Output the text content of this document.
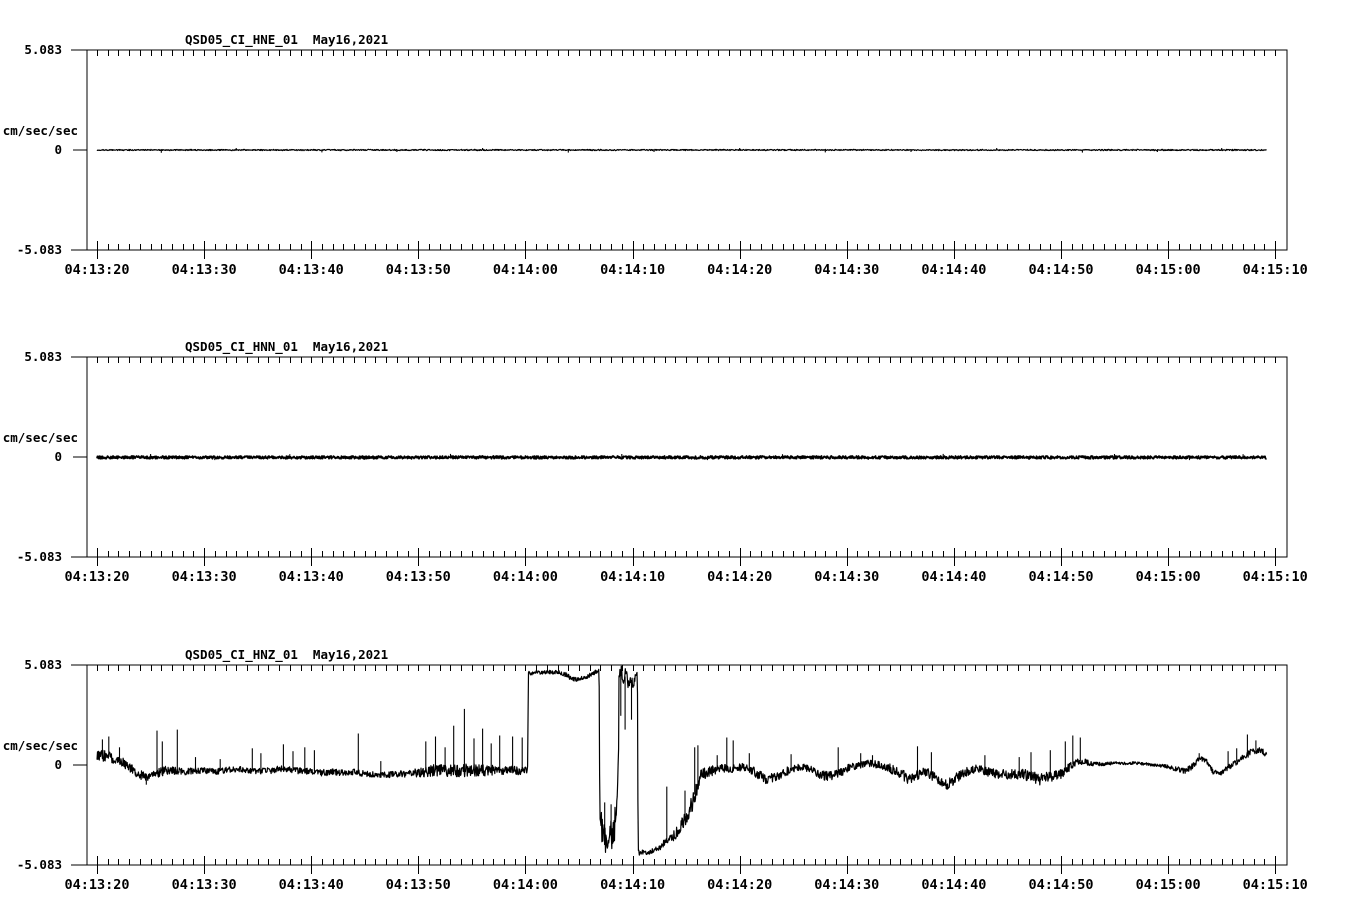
QSD05_CI_HNE_01  May16,2021
5.083
cm/sec/sec
0
-5.083
04:13:20	04:13:30	04:13:40	04:13:50	04:14:00	04:14:10	04:14:20	04:14:30	04:14:40	04:14:50	04:15:00	04:15:10
QSD05_CI_HNN_01  May16,2021
5.083
cm/sec/sec
0
-5.083
04:13:20	04:13:30	04:13:40	04:13:50	04:14:00	04:14:10	04:14:20	04:14:30	04:14:40	04:14:50	04:15:00	04:15:10
QSD05_CI_HNZ_01  May16,2021
5.083
cm/sec/sec
0
-5.083
04:13:20	04:13:30	04:13:40	04:13:50	04:14:00	04:14:10	04:14:20	04:14:30	04:14:40	04:14:50	04:15:00	04:15:10
